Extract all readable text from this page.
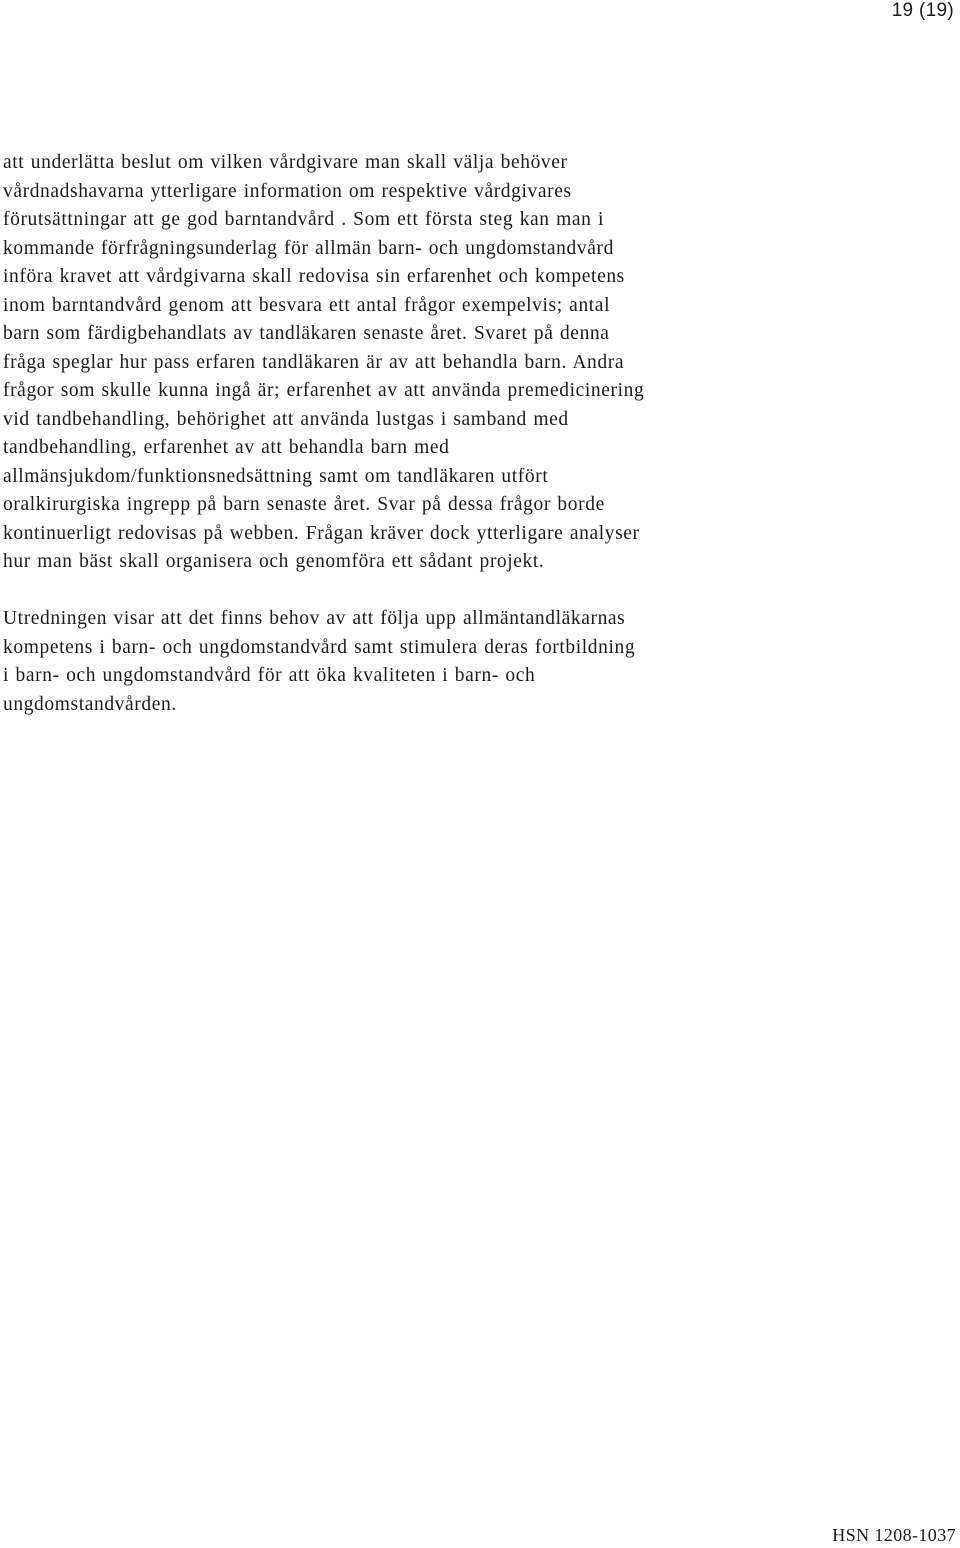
19 (19)

att underlätta beslut om vilken vårdgivare man skall välja behöver
vårdnadshavarna ytterligare information om respektive vårdgivares
förutsättningar att ge god barntandvård . Som ett första steg kan man i
kommande förfrågningsunderlag för allmän barn- och ungdomstandvård
införa kravet att vårdgivarna skall redovisa sin erfarenhet och kompetens
inom barntandvård genom att besvara ett antal frågor exempelvis; antal
barn som färdigbehandlats av tandläkaren senaste året. Svaret på denna
fråga speglar hur pass erfaren tandläkaren är av att behandla barn. Andra
frågor som skulle kunna ingå är; erfarenhet av att använda premedicinering
vid tandbehandling, behörighet att använda lustgas i samband med
tandbehandling, erfarenhet av att behandla barn med
allmänsjukdom/funktionsnedsättning samt om tandläkaren utfört
oralkirurgiska ingrepp på barn senaste året. Svar på dessa frågor borde
kontinuerligt redovisas på webben. Frågan kräver dock ytterligare analyser
hur man bäst skall organisera och genomföra ett sådant projekt.

Utredningen visar att det finns behov av att följa upp allmäntandläkarnas
kompetens i barn- och ungdomstandvård samt stimulera deras fortbildning
i barn- och ungdomstandvård för att öka kvaliteten i barn- och
ungdomstandvården.

HSN 1208-1037
